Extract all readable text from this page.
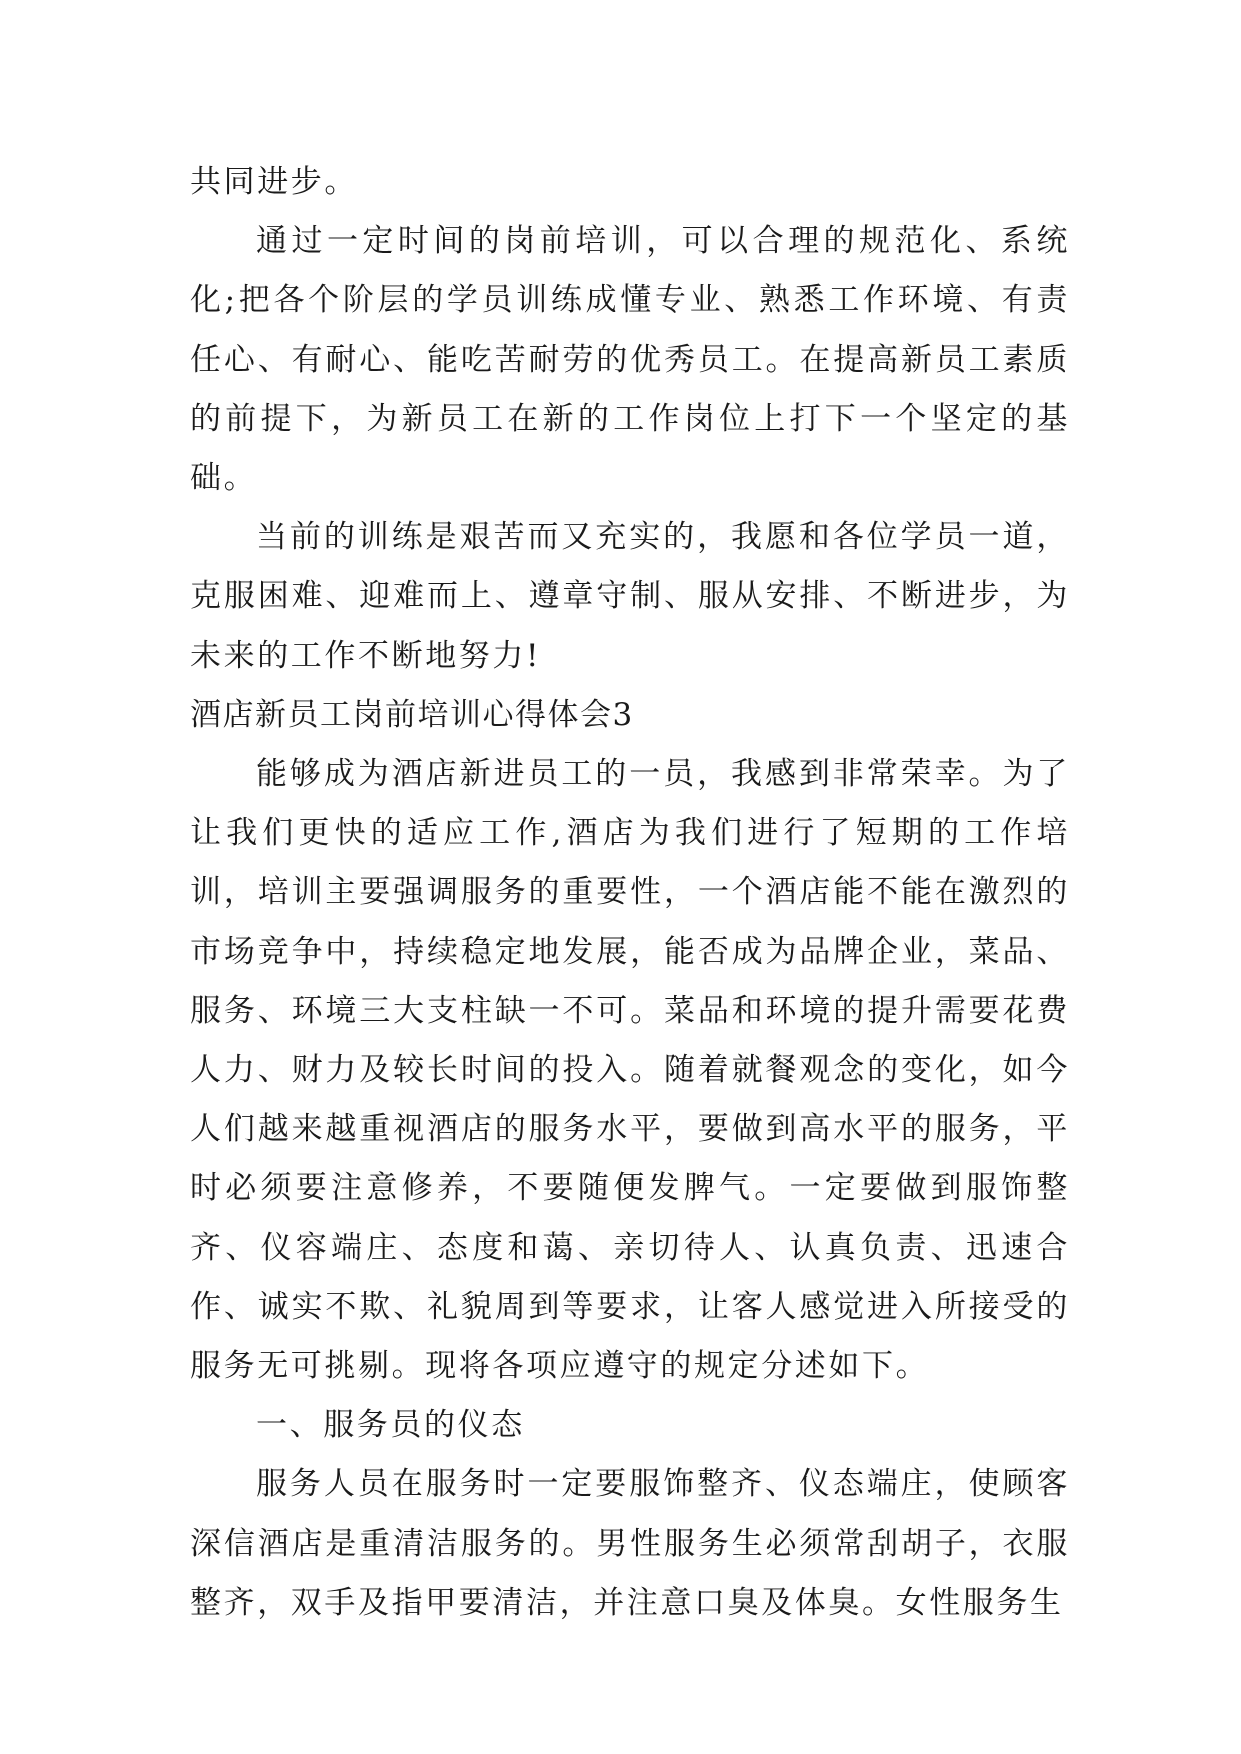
共同进步。

通过一定时间的岗前培训，可以合理的规范化、系统化;把各个阶层的学员训练成懂专业、熟悉工作环境、有责任心、有耐心、能吃苦耐劳的优秀员工。在提高新员工素质的前提下，为新员工在新的工作岗位上打下一个坚定的基础。

当前的训练是艰苦而又充实的，我愿和各位学员一道，克服困难、迎难而上、遵章守制、服从安排、不断进步，为未来的工作不断地努力!

酒店新员工岗前培训心得体会3

能够成为酒店新进员工的一员，我感到非常荣幸。为了让我们更快的适应工作,酒店为我们进行了短期的工作培训，培训主要强调服务的重要性，一个酒店能不能在激烈的市场竞争中，持续稳定地发展，能否成为品牌企业，菜品、服务、环境三大支柱缺一不可。菜品和环境的提升需要花费人力、财力及较长时间的投入。随着就餐观念的变化，如今人们越来越重视酒店的服务水平，要做到高水平的服务，平时必须要注意修养，不要随便发脾气。一定要做到服饰整齐、仪容端庄、态度和蔼、亲切待人、认真负责、迅速合作、诚实不欺、礼貌周到等要求，让客人感觉进入所接受的服务无可挑剔。现将各项应遵守的规定分述如下。

一、服务员的仪态

服务人员在服务时一定要服饰整齐、仪态端庄，使顾客深信酒店是重清洁服务的。男性服务生必须常刮胡子，衣服整齐，双手及指甲要清洁，并注意口臭及体臭。女性服务生
